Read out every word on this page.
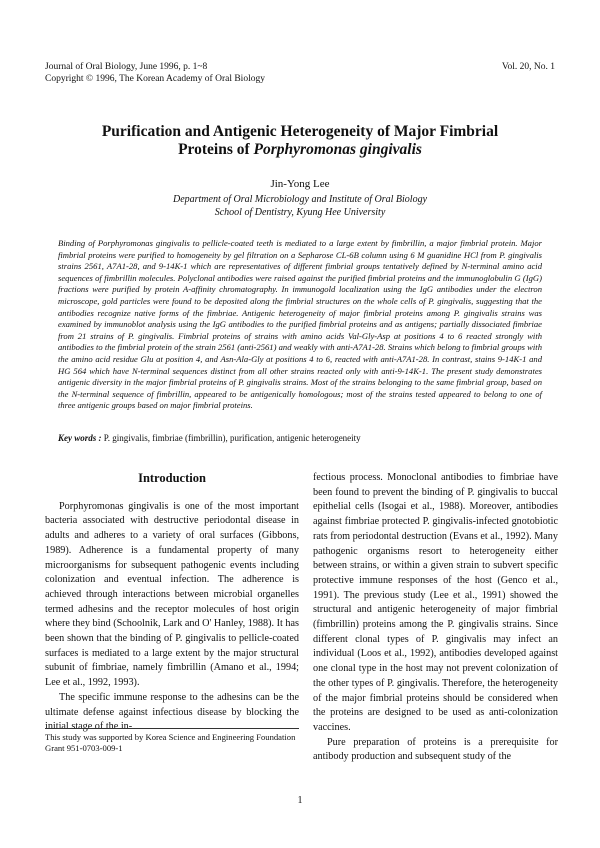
Journal of Oral Biology, June 1996, p. 1~8
Copyright © 1996, The Korean Academy of Oral Biology
Vol. 20, No. 1
Purification and Antigenic Heterogeneity of Major Fimbrial
Proteins of Porphyromonas gingivalis
Jin-Yong Lee
Department of Oral Microbiology and Institute of Oral Biology
School of Dentistry, Kyung Hee University

Binding of Porphyromonas gingivalis to pellicle-coated teeth is mediated to a large extent by fimbrillin, a major fimbrial protein. Major fimbrial proteins were purified to homogeneity by gel filtration on a Sepharose CL-6B column using 6 M guanidine HCl from P. gingivalis strains 2561, A7A1-28, and 9-14K-1 which are representatives of different fimbrial groups tentatively defined by N-terminal amino acid sequences of fimbrillin molecules. Polyclonal antibodies were raised against the purified fimbrial proteins and the immunoglobulin G (IgG) fractions were purified by protein A-affinity chromatography. In immunogold localization using the IgG antibodies under the electron microscope, gold particles were found to be deposited along the fimbrial structures on the whole cells of P. gingivalis, suggesting that the antibodies recognize native forms of the fimbriae. Antigenic heterogeneity of major fimbrial proteins among P. gingivalis strains was examined by immunoblot analysis using the IgG antibodies to the purified fimbrial proteins and as antigens; partially dissociated fimbriae from 21 strains of P. gingivalis. Fimbrial proteins of strains with amino acids Val-Gly-Asp at positions 4 to 6 reacted strongly with antibodies to the fimbrial protein of the strain 2561 (anti-2561) and weakly with anti-A7A1-28. Strains which belong to fimbrial groups with the amino acid residue Glu at position 4, and Asn-Ala-Gly at positions 4 to 6, reacted with anti-A7A1-28. In contrast, stains 9-14K-1 and HG 564 which have N-terminal sequences distinct from all other strains reacted only with anti-9-14K-1. The present study demonstrates antigenic diversity in the major fimbrial proteins of P. gingivalis strains. Most of the strains belonging to the same fimbrial group, based on the N-terminal sequence of fimbrillin, appeared to be antigenically homologous; most of the strains tested appeared to belong to one of three antigenic groups based on major fimbrial proteins.

Key words : P. gingivalis, fimbriae (fimbrillin), purification, antigenic heterogeneity

Introduction

Porphyromonas gingivalis is one of the most important bacteria associated with destructive periodontal disease in adults and adheres to a variety of oral surfaces (Gibbons, 1989). Adherence is a fundamental property of many microorganisms for subsequent pathogenic events including colonization and eventual infection. The adherence is achieved through interactions between microbial organelles termed adhesins and the receptor molecules of host origin where they bind (Schoolnik, Lark and O' Hanley, 1988). It has been shown that the binding of P. gingivalis to pellicle-coated surfaces is mediated to a large extent by the major structural subunit of fimbriae, namely fimbrillin (Amano et al., 1994; Lee et al., 1992, 1993).

The specific immune response to the adhesins can be the ultimate defense against infectious disease by blocking the initial stage of the in-

fectious process. Monoclonal antibodies to fimbriae have been found to prevent the binding of P. gingivalis to buccal epithelial cells (Isogai et al., 1988). Moreover, antibodies against fimbriae protected P. gingivalis-infected gnotobiotic rats from periodontal destruction (Evans et al., 1992). Many pathogenic organisms resort to heterogeneity either between strains, or within a given strain to subvert specific protective immune responses of the host (Genco et al., 1991). The previous study (Lee et al., 1991) showed the structural and antigenic heterogeneity of major fimbrial (fimbrillin) proteins among the P. gingivalis strains. Since different clonal types of P. gingivalis may infect an individual (Loos et al., 1992), antibodies developed against one clonal type in the host may not prevent colonization of the other types of P. gingivalis. Therefore, the heterogeneity of the major fimbrial proteins should be considered when the proteins are designed to be used as anti-colonization vaccines.

Pure preparation of proteins is a prerequisite for antibody production and subsequent study of the

This study was supported by Korea Science and Engineering Foundation Grant 951-0703-009-1
1
